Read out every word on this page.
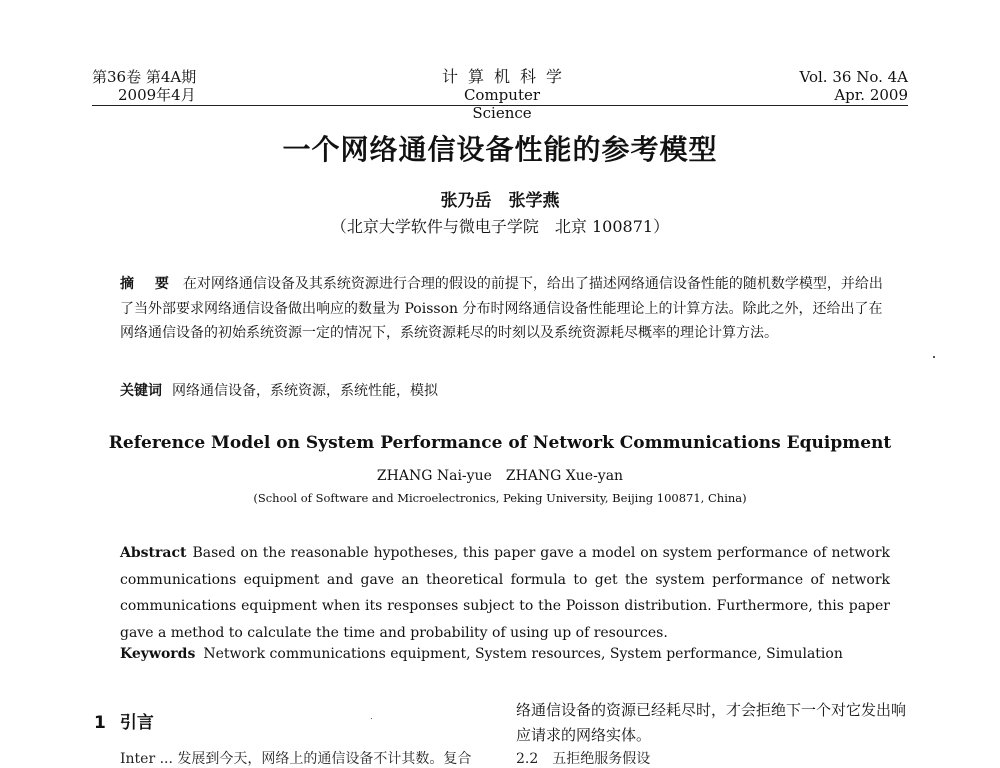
第36卷 第4A期
2009年4月
计算机科学
Computer Science
Vol. 36 No. 4A
Apr. 2009
一个网络通信设备性能的参考模型
张乃岳　张学燕
（北京大学软件与微电子学院　北京 100871）
摘 要 在对网络通信设备及其系统资源进行合理的假设的前提下，给出了描述网络通信设备性能的随机数学模型，并给出了当外部要求网络通信设备做出响应的数量为 Poisson 分布时网络通信设备性能理论上的计算方法。除此之外，还给出了在网络通信设备的初始系统资源一定的情况下，系统资源耗尽的时刻以及系统资源耗尽概率的理论计算方法。
关键词 网络通信设备，系统资源，系统性能，模拟
Reference Model on System Performance of Network Communications Equipment
ZHANG Nai-yue　ZHANG Xue-yan
(School of Software and Microelectronics, Peking University, Beijing 100871, China)
Abstract Based on the reasonable hypotheses, this paper gave a model on system performance of network communications equipment and gave an theoretical formula to get the system performance of network communications equipment when its responses subject to the Poisson distribution. Furthermore, this paper gave a method to calculate the time and probability of using up of resources.
Keywords Network communications equipment, System resources, System performance, Simulation
1 引言
络通信设备的资源已经耗尽时，才会拒绝下一个对它发出响应请求的网络实体。
Inter ... 发展到今天，网络上的通信设备不计其数。复合	2.2　五拒绝服务假设
